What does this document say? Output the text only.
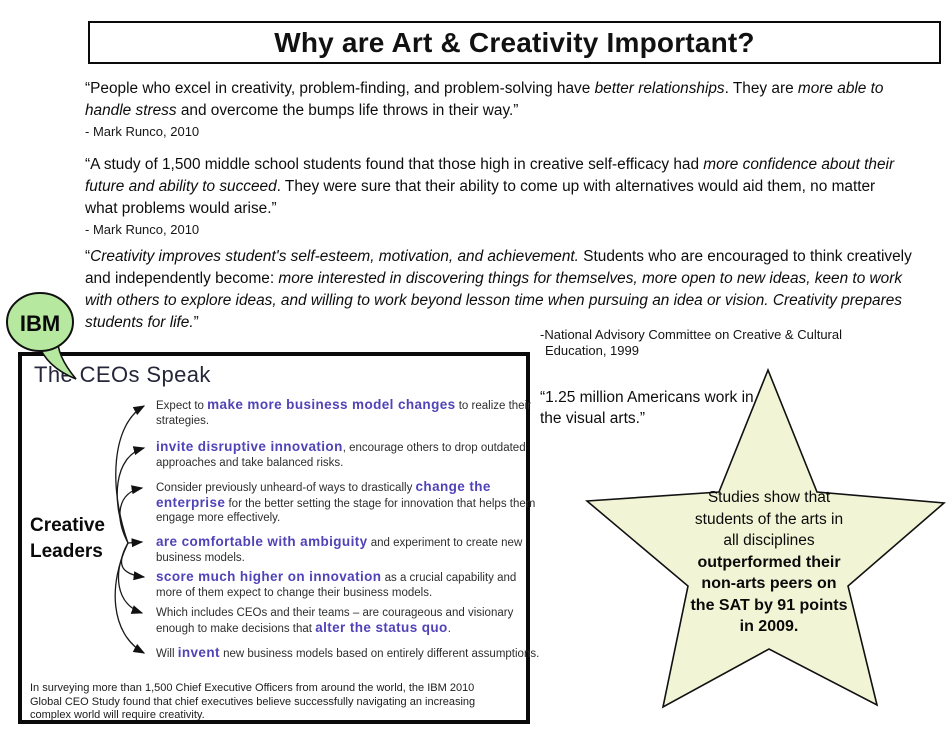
Why are Art & Creativity Important?
“People who excel in creativity, problem-finding, and problem-solving have better relationships. They are more able to handle stress and overcome the bumps life throws in their way.”
- Mark Runco, 2010
“A study of 1,500 middle school students found that those high in creative self-efficacy had more confidence about their future and ability to succeed. They were sure that their ability to come up with alternatives would aid them, no matter what problems would arise.”
- Mark Runco, 2010
“Creativity improves student's self-esteem, motivation, and achievement. Students who are encouraged to think creatively and independently become: more interested in discovering things for themselves, more open to new ideas, keen to work with others to explore ideas, and willing to work beyond lesson time when pursuing an idea or vision. Creativity prepares students for life.”
-National Advisory Committee on Creative & Cultural
Education, 1999
IBM
The CEOs Speak
Creative
Leaders
Expect to make more business model changes to realize their strategies.
invite disruptive innovation, encourage others to drop outdated approaches and take balanced risks.
Consider previously unheard-of ways to drastically change the enterprise for the better setting the stage for innovation that helps them engage more effectively.
are comfortable with ambiguity and experiment to create new business models.
score much higher on innovation as a crucial capability and more of them expect to change their business models.
Which includes CEOs and their teams – are courageous and visionary enough to make decisions that alter the status quo.
Will invent new business models based on entirely different assumptions.
In surveying more than 1,500 Chief Executive Officers from around the world, the IBM 2010 Global CEO Study found that chief executives believe successfully navigating an increasing complex world will require creativity.
“1.25 million Americans work in the visual arts.”
Studies show that
students of the arts in
all disciplines
outperformed their
non-arts peers on
the SAT by 91 points
in 2009.
